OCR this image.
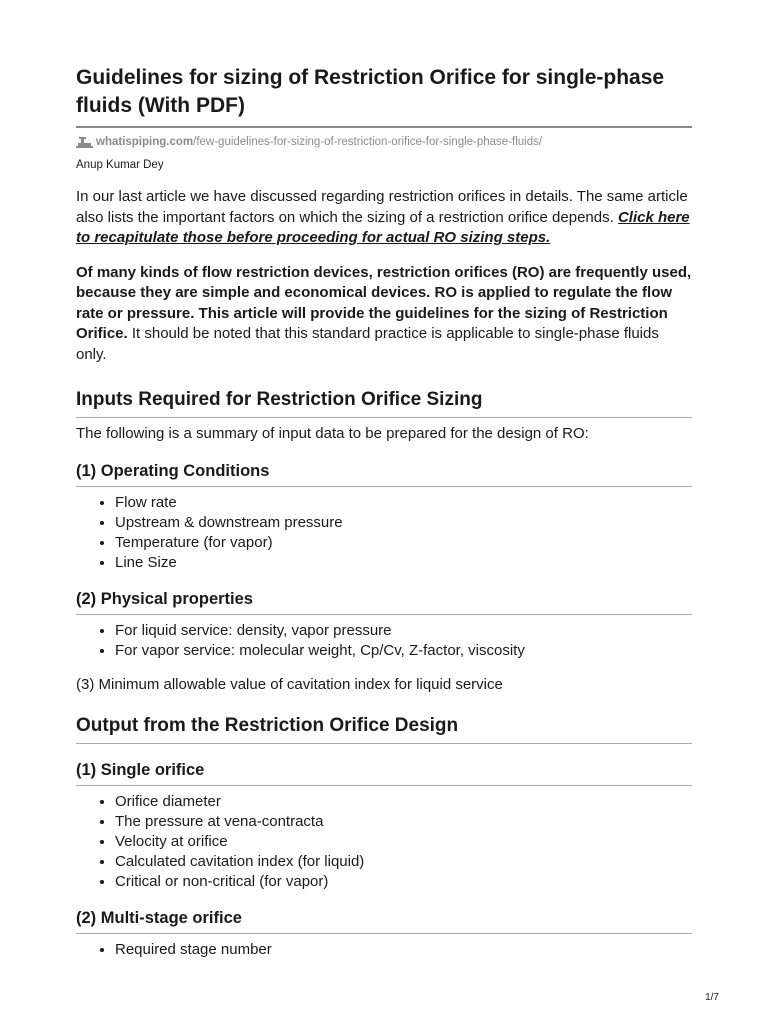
Guidelines for sizing of Restriction Orifice for single-phase fluids (With PDF)
whatispiping.com /few-guidelines-for-sizing-of-restriction-orifice-for-single-phase-fluids/
Anup Kumar Dey

In our last article we have discussed regarding restriction orifices in details. The same article also lists the important factors on which the sizing of a restriction orifice depends. Click here to recapitulate those before proceeding for actual RO sizing steps.

Of many kinds of flow restriction devices, restriction orifices (RO) are frequently used, because they are simple and economical devices. RO is applied to regulate the flow rate or pressure. This article will provide the guidelines for the sizing of Restriction Orifice. It should be noted that this standard practice is applicable to single-phase fluids only.

Inputs Required for Restriction Orifice Sizing

The following is a summary of input data to be prepared for the design of RO:

(1) Operating Conditions
• Flow rate
• Upstream & downstream pressure
• Temperature (for vapor)
• Line Size
(2) Physical properties
• For liquid service: density, vapor pressure
• For vapor service: molecular weight, Cp/Cv, Z-factor, viscosity

(3) Minimum allowable value of cavitation index for liquid service

Output from the Restriction Orifice Design
(1) Single orifice
• Orifice diameter
• The pressure at vena-contracta
• Velocity at orifice
• Calculated cavitation index (for liquid)
• Critical or non-critical (for vapor)
(2) Multi-stage orifice
• Required stage number
1/7
